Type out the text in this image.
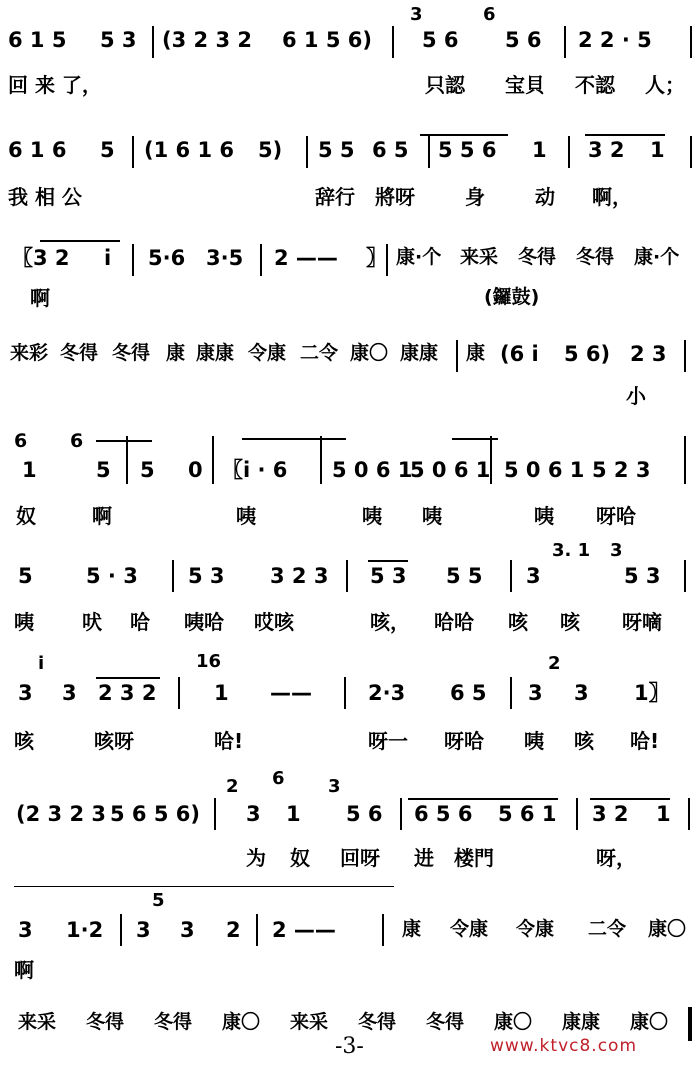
6 1 5 5 3 (3 2 3 2 6 1 5 6)
3
5 6
6
5 6 2 2 · 5
回 来 了，	只認 宝貝 不認 人；
6 1 6 5 (1 6 1 6 5) 5 5 6 5 5 5 6 1 3 2 1
我 相 公	辞行 將呀	身	动 啊，
〖3 2 i 5·6 3·5 2 —— 〗 康·个 来采 冬得 冬得 康·个
啊	(鑼鼓)
来彩 冬得 冬得 康 康康 令康 二令 康〇 康康 康 (6 i 5 6) 2 3
小
6
1
6
5 5 0 〖i · 6 5 0 6 1
5 0 6 1 5 0 6 1 5 2 3
奴	啊	咦	咦 咦	咦 呀哈
5	5 · 3 5 3 3 2 3 5 3 5 5 3
3. 1 3
5 3
咦 吠 哈 咦哈 哎咳	咳， 哈哈 咳 咳 呀嘀
i
3 3 2 3 2
16
1 ——	2·3 6 5
2
3 3 1〗
咳	咳呀	哈!	呀一 呀哈 咦 咳 哈!
(2 3 2 3 5 6 5 6)
2
3
6
1
3
5 6 6 5 6 5 6 1 3 2 1
为 奴 回呀 进 楼門	呀，
3 1·2
5
3 3 2 2 ——	康 令康 令康 二令 康〇
啊
来采 冬得 冬得 康〇 来采 冬得 冬得 康〇 康康 康〇
-3-	www.ktvc8.com
